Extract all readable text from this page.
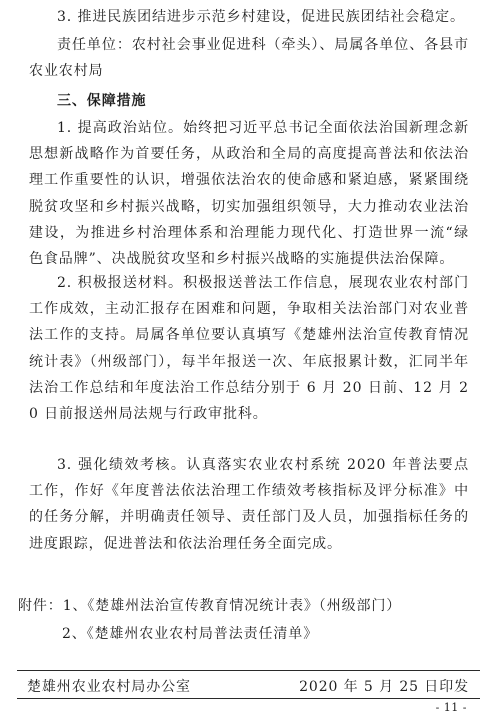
3. 推进民族团结进步示范乡村建设，促进民族团结社会稳定。

责任单位：农村社会事业促进科（牵头）、局属各单位、各县市农业农村局

三、保障措施

1. 提高政治站位。始终把习近平总书记全面依法治国新理念新思想新战略作为首要任务，从政治和全局的高度提高普法和依法治理工作重要性的认识，增强依法治农的使命感和紧迫感，紧紧围绕脱贫攻坚和乡村振兴战略，切实加强组织领导，大力推动农业法治建设，为推进乡村治理体系和治理能力现代化、打造世界一流“绿色食品牌”、决战脱贫攻坚和乡村振兴战略的实施提供法治保障。

2. 积极报送材料。积极报送普法工作信息，展现农业农村部门工作成效，主动汇报存在困难和问题，争取相关法治部门对农业普法工作的支持。局属各单位要认真填写《楚雄州法治宣传教育情况统计表》（州级部门），每半年报送一次、年底报累计数，汇同半年法治工作总结和年度法治工作总结分别于 6 月 20 日前、12 月 20 日前报送州局法规与行政审批科。

3. 强化绩效考核。认真落实农业农村系统 2020 年普法要点工作，作好《年度普法依法治理工作绩效考核指标及评分标准》中的任务分解，并明确责任领导、责任部门及人员，加强指标任务的进度跟踪，促进普法和依法治理任务全面完成。

附件：1、《楚雄州法治宣传教育情况统计表》（州级部门）

2、《楚雄州农业农村局普法责任清单》

楚雄州农业农村局办公室	2020 年 5 月 25 日印发
- 11 -
